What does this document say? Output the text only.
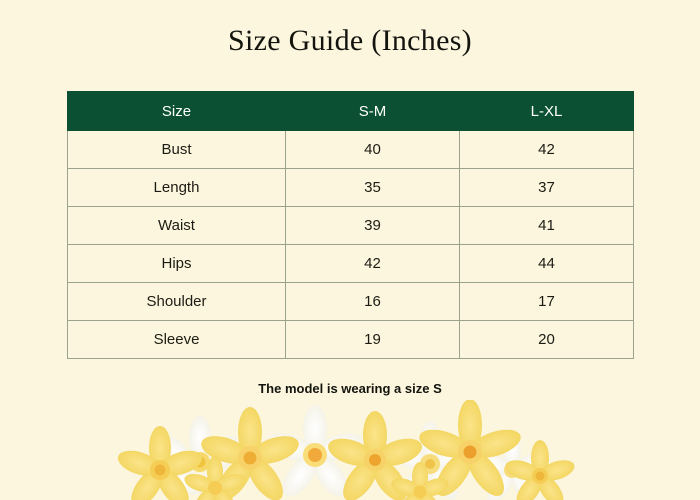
Size Guide (Inches)
Size	S-M	L-XL
Bust	40	42
Length	35	37
Waist	39	41
Hips	42	44
Shoulder	16	17
Sleeve	19	20
The model is wearing a size S
